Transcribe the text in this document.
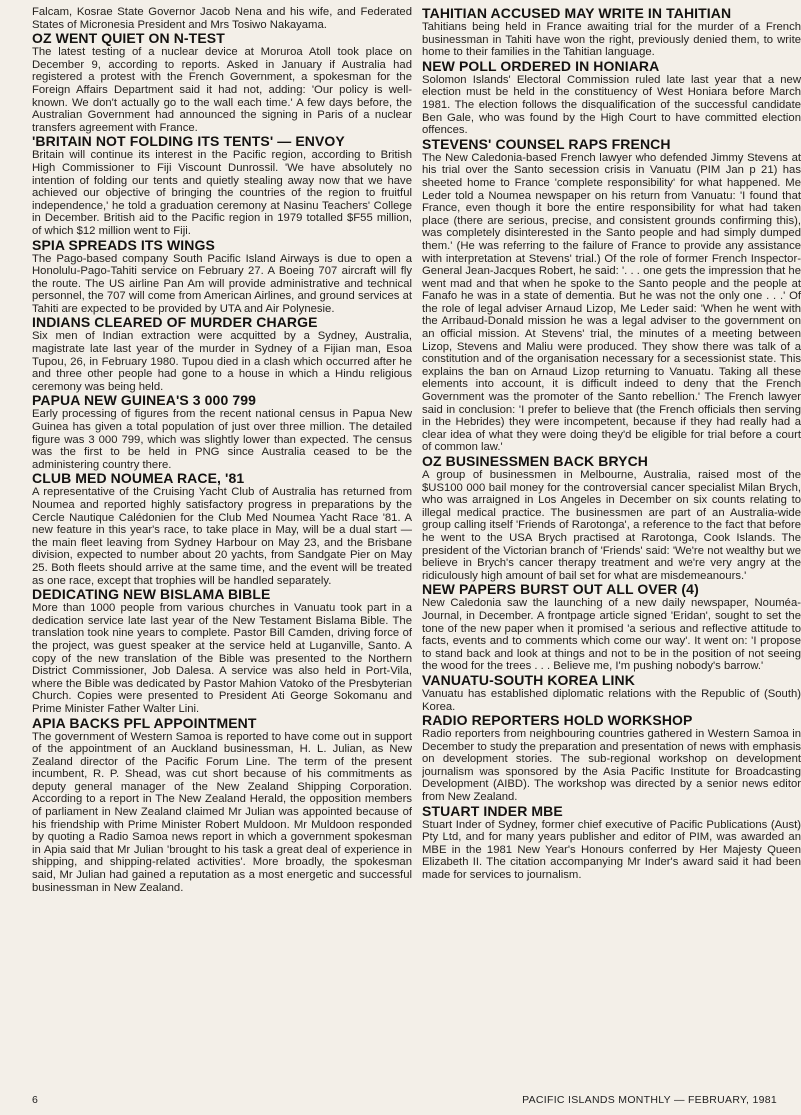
Falcam, Kosrae State Governor Jacob Nena and his wife, and Federated States of Micronesia President and Mrs Tosiwo Nakayama.

OZ WENT QUIET ON N-TEST

The latest testing of a nuclear device at Moruroa Atoll took place on December 9, according to reports. Asked in January if Australia had registered a protest with the French Government, a spokesman for the Foreign Affairs Department said it had not, adding: 'Our policy is well-known. We don't actually go to the wall each time.' A few days before, the Australian Government had announced the signing in Paris of a nuclear transfers agreement with France.

'BRITAIN NOT FOLDING ITS TENTS' — ENVOY

Britain will continue its interest in the Pacific region, according to British High Commissioner to Fiji Viscount Dunrossil. 'We have absolutely no intention of folding our tents and quietly stealing away now that we have achieved our objective of bringing the countries of the region to fruitful independence,' he told a graduation ceremony at Nasinu Teachers' College in December. British aid to the Pacific region in 1979 totalled $F55 million, of which $12 million went to Fiji.

SPIA SPREADS ITS WINGS

The Pago-based company South Pacific Island Airways is due to open a Honolulu-Pago-Tahiti service on February 27. A Boeing 707 aircraft will fly the route. The US airline Pan Am will provide administrative and technical personnel, the 707 will come from American Airlines, and ground services at Tahiti are expected to be provided by UTA and Air Polynesie.

INDIANS CLEARED OF MURDER CHARGE

Six men of Indian extraction were acquitted by a Sydney, Australia, magistrate late last year of the murder in Sydney of a Fijian man, Esoa Tupou, 26, in February 1980. Tupou died in a clash which occurred after he and three other people had gone to a house in which a Hindu religious ceremony was being held.

PAPUA NEW GUINEA'S 3 000 799

Early processing of figures from the recent national census in Papua New Guinea has given a total population of just over three million. The detailed figure was 3 000 799, which was slightly lower than expected. The census was the first to be held in PNG since Australia ceased to be the administering country there.

CLUB MED NOUMEA RACE, '81

A representative of the Cruising Yacht Club of Australia has returned from Noumea and reported highly satisfactory progress in preparations by the Cercle Nautique Calédonien for the Club Med Noumea Yacht Race '81. A new feature in this year's race, to take place in May, will be a dual start — the main fleet leaving from Sydney Harbour on May 23, and the Brisbane division, expected to number about 20 yachts, from Sandgate Pier on May 25. Both fleets should arrive at the same time, and the event will be treated as one race, except that trophies will be handled separately.

DEDICATING NEW BISLAMA BIBLE

More than 1000 people from various churches in Vanuatu took part in a dedication service late last year of the New Testament Bislama Bible. The translation took nine years to complete. Pastor Bill Camden, driving force of the project, was guest speaker at the service held at Luganville, Santo. A copy of the new translation of the Bible was presented to the Northern District Commissioner, Job Dalesa. A service was also held in Port-Vila, where the Bible was dedicated by Pastor Mahion Vatoko of the Presbyterian Church. Copies were presented to President Ati George Sokomanu and Prime Minister Father Walter Lini.

APIA BACKS PFL APPOINTMENT

The government of Western Samoa is reported to have come out in support of the appointment of an Auckland businessman, H. L. Julian, as New Zealand director of the Pacific Forum Line. The term of the present incumbent, R. P. Shead, was cut short because of his commitments as deputy general manager of the New Zealand Shipping Corporation. According to a report in The New Zealand Herald, the opposition members of parliament in New Zealand claimed Mr Julian was appointed because of his friendship with Prime Minister Robert Muldoon. Mr Muldoon responded by quoting a Radio Samoa news report in which a government spokesman in Apia said that Mr Julian 'brought to his task a great deal of experience in shipping, and shipping-related activities'. More broadly, the spokesman said, Mr Julian had gained a reputation as a most energetic and successful businessman in New Zealand.

TAHITIAN ACCUSED MAY WRITE IN TAHITIAN

Tahitians being held in France awaiting trial for the murder of a French businessman in Tahiti have won the right, previously denied them, to write home to their families in the Tahitian language.

NEW POLL ORDERED IN HONIARA

Solomon Islands' Electoral Commission ruled late last year that a new election must be held in the constituency of West Honiara before March 1981. The election follows the disqualification of the successful candidate Ben Gale, who was found by the High Court to have committed election offences.

STEVENS' COUNSEL RAPS FRENCH

The New Caledonia-based French lawyer who defended Jimmy Stevens at his trial over the Santo secession crisis in Vanuatu (PIM Jan p 21) has sheeted home to France 'complete responsibility' for what happened. Me Leder told a Noumea newspaper on his return from Vanuatu: 'I found that France, even though it bore the entire responsibility for what had taken place (there are serious, precise, and consistent grounds confirming this), was completely disinterested in the Santo people and had simply dumped them.' (He was referring to the failure of France to provide any assistance with interpretation at Stevens' trial.) Of the role of former French Inspector-General Jean-Jacques Robert, he said: '. . . one gets the impression that he went mad and that when he spoke to the Santo people and the people at Fanafo he was in a state of dementia. But he was not the only one . . .' Of the role of legal adviser Arnaud Lizop, Me Leder said: 'When he went with the Arribaud-Donald mission he was a legal adviser to the government on an official mission. At Stevens' trial, the minutes of a meeting between Lizop, Stevens and Maliu were produced. They show there was talk of a constitution and of the organisation necessary for a secessionist state. This explains the ban on Arnaud Lizop returning to Vanuatu. Taking all these elements into account, it is difficult indeed to deny that the French Government was the promoter of the Santo rebellion.' The French lawyer said in conclusion: 'I prefer to believe that (the French officials then serving in the Hebrides) they were incompetent, because if they had really had a clear idea of what they were doing they'd be eligible for trial before a court of common law.'

OZ BUSINESSMEN BACK BRYCH

A group of businessmen in Melbourne, Australia, raised most of the $US100 000 bail money for the controversial cancer specialist Milan Brych, who was arraigned in Los Angeles in December on six counts relating to illegal medical practice. The businessmen are part of an Australia-wide group calling itself 'Friends of Rarotonga', a reference to the fact that before he went to the USA Brych practised at Rarotonga, Cook Islands. The president of the Victorian branch of 'Friends' said: 'We're not wealthy but we believe in Brych's cancer therapy treatment and we're very angry at the ridiculously high amount of bail set for what are misdemeanours.'

NEW PAPERS BURST OUT ALL OVER (4)

New Caledonia saw the launching of a new daily newspaper, Nouméa-Journal, in December. A frontpage article signed 'Eridan', sought to set the tone of the new paper when it promised 'a serious and reflective attitude to facts, events and to comments which come our way'. It went on: 'I propose to stand back and look at things and not to be in the position of not seeing the wood for the trees . . . Believe me, I'm pushing nobody's barrow.'

VANUATU-SOUTH KOREA LINK

Vanuatu has established diplomatic relations with the Republic of (South) Korea.

RADIO REPORTERS HOLD WORKSHOP

Radio reporters from neighbouring countries gathered in Western Samoa in December to study the preparation and presentation of news with emphasis on development stories. The sub-regional workshop on development journalism was sponsored by the Asia Pacific Institute for Broadcasting Development (AIBD). The workshop was directed by a senior news editor from New Zealand.

STUART INDER MBE

Stuart Inder of Sydney, former chief executive of Pacific Publications (Aust) Pty Ltd, and for many years publisher and editor of PIM, was awarded an MBE in the 1981 New Year's Honours conferred by Her Majesty Queen Elizabeth II. The citation accompanying Mr Inder's award said it had been made for services to journalism.

6	PACIFIC ISLANDS MONTHLY — FEBRUARY, 1981
